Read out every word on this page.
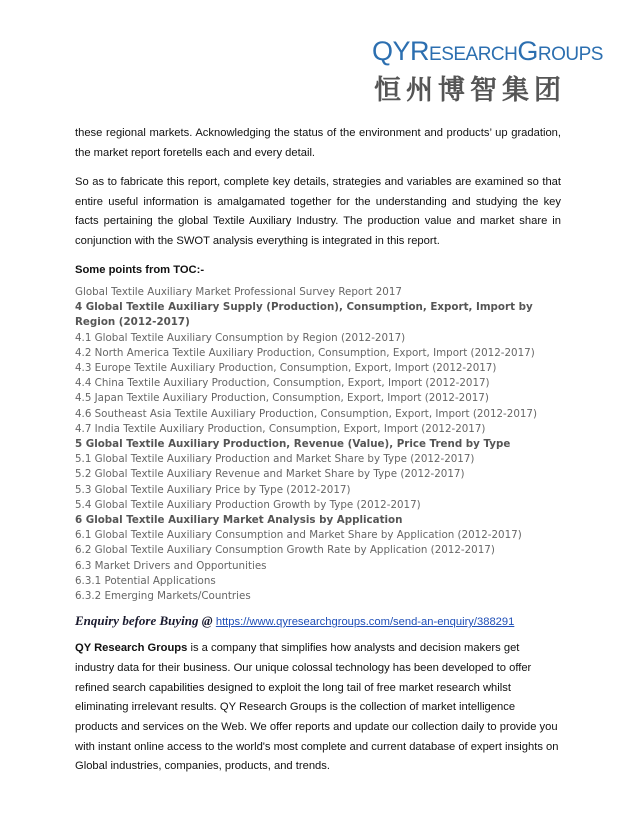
QYRESEARCHGROUPS
恒州博智集团

these regional markets. Acknowledging the status of the environment and products’ up gradation, the market report foretells each and every detail.

So as to fabricate this report, complete key details, strategies and variables are examined so that entire useful information is amalgamated together for the understanding and studying the key facts pertaining the global Textile Auxiliary Industry. The production value and market share in conjunction with the SWOT analysis everything is integrated in this report.

Some points from TOC:-
Global Textile Auxiliary Market Professional Survey Report 2017
4 Global Textile Auxiliary Supply (Production), Consumption, Export, Import by Region (2012-2017)
4.1 Global Textile Auxiliary Consumption by Region (2012-2017)
4.2 North America Textile Auxiliary Production, Consumption, Export, Import (2012-2017)
4.3 Europe Textile Auxiliary Production, Consumption, Export, Import (2012-2017)
4.4 China Textile Auxiliary Production, Consumption, Export, Import (2012-2017)
4.5 Japan Textile Auxiliary Production, Consumption, Export, Import (2012-2017)
4.6 Southeast Asia Textile Auxiliary Production, Consumption, Export, Import (2012-2017)
4.7 India Textile Auxiliary Production, Consumption, Export, Import (2012-2017)
5 Global Textile Auxiliary Production, Revenue (Value), Price Trend by Type
5.1 Global Textile Auxiliary Production and Market Share by Type (2012-2017)
5.2 Global Textile Auxiliary Revenue and Market Share by Type (2012-2017)
5.3 Global Textile Auxiliary Price by Type (2012-2017)
5.4 Global Textile Auxiliary Production Growth by Type (2012-2017)
6 Global Textile Auxiliary Market Analysis by Application
6.1 Global Textile Auxiliary Consumption and Market Share by Application (2012-2017)
6.2 Global Textile Auxiliary Consumption Growth Rate by Application (2012-2017)
6.3 Market Drivers and Opportunities
6.3.1 Potential Applications
6.3.2 Emerging Markets/Countries
Enquiry before Buying @ https://www.qyresearchgroups.com/send-an-enquiry/388291

QY Research Groups is a company that simplifies how analysts and decision makers get industry data for their business. Our unique colossal technology has been developed to offer refined search capabilities designed to exploit the long tail of free market research whilst eliminating irrelevant results. QY Research Groups is the collection of market intelligence products and services on the Web. We offer reports and update our collection daily to provide you with instant online access to the world's most complete and current database of expert insights on Global industries, companies, products, and trends.
